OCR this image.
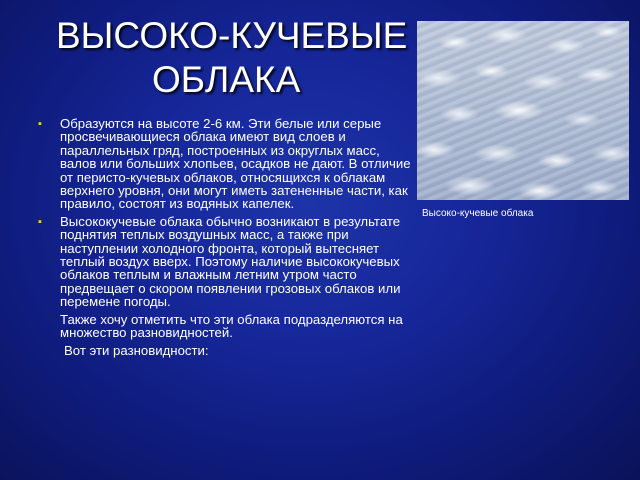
ВЫСОКО-КУЧЕВЫЕ
ОБЛАКА
Высоко-кучевые облака
▪ Образуются на высоте 2-6 км. Эти белые или серые просвечивающиеся облака имеют вид слоев и параллельных гряд, построенных из округлых масс, валов или больших хлопьев, осадков не дают. В отличие от перисто-кучевых облаков, относящихся к облакам верхнего уровня, они могут иметь затененные части, как правило, состоят из водяных капелек.
▪ Высококучевые облака обычно возникают в результате поднятия теплых воздушных масс, а также при наступлении холодного фронта, который вытесняет теплый воздух вверх. Поэтому наличие высококучевых облаков теплым и влажным летним утром часто предвещает о скором появлении грозовых облаков или перемене погоды.
Также хочу отметить что эти облака подразделяются на множество разновидностей.
Вот эти разновидности:
